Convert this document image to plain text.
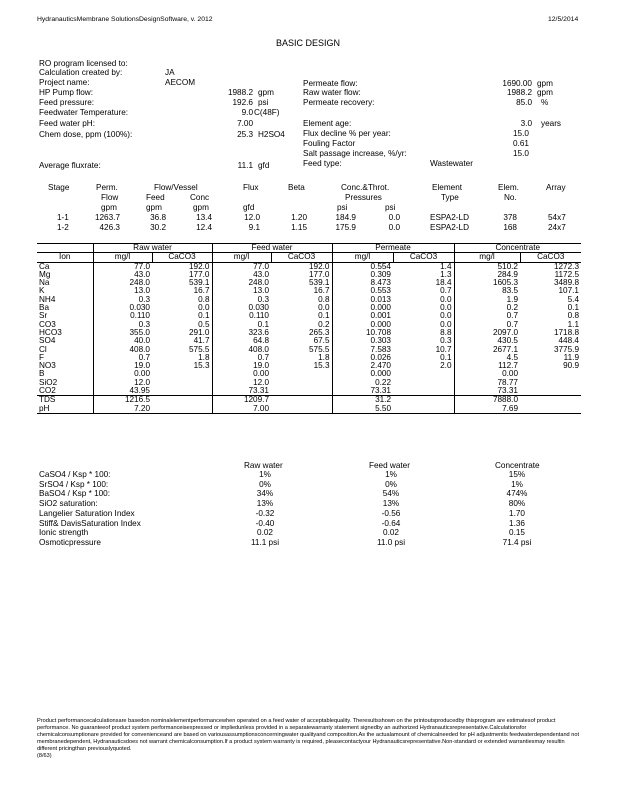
HydranauticsMembrane SolutionsDesignSoftware, v. 2012	12/5/2014
BASIC DESIGN
RO program licensed to:
Calculation created by:	JA
Project name:	AECOM
HP Pump flow:	1988.2 gpm
Feed pressure:	192.6 psi
Feedwater Temperature:	9.0 C(48F)
Feed water pH:	7.00
Chem dose, ppm (100%):	25.3 H2SO4
Average fluxrate:	11.1 gfd
Permeate flow:	1690.00 gpm
Raw water flow:	1988.2 gpm
Permeate recovery:	85.0 %
Element age:	3.0 years
Flux decline % per year:	15.0
Fouling Factor	0.61
Salt passage increase, %/yr:	15.0
Feed type:	Wastewater
Stage	Perm.	Flow/Vessel	Flux	Beta	Conc.&Throt.	Element	Elem.	Array
Flow	Feed	Conc	Pressures	Type	No.
gpm	gpm	gpm	gfd	psi	psi
1-1	1263.7	36.8	13.4	12.0	1.20	184.9	0.0	ESPA2-LD	378	54x7
1-2	426.3	30.2	12.4	9.1	1.15	175.9	0.0	ESPA2-LD	168	24x7
	Raw water		Feed water		Permeate		Concentrate	
Ion	mg/l	CaCO3	mg/l	CaCO3	mg/l	CaCO3	mg/l	CaCO3
Ca	77.0	192.0	77.0	192.0	0.554	1.4	510.2	1272.3
Mg	43.0	177.0	43.0	177.0	0.309	1.3	284.9	1172.5
Na	248.0	539.1	248.0	539.1	8.473	18.4	1605.3	3489.8
K	13.0	16.7	13.0	16.7	0.553	0.7	83.5	107.1
NH4	0.3	0.8	0.3	0.8	0.013	0.0	1.9	5.4
Ba	0.030	0.0	0.030	0.0	0.000	0.0	0.2	0.1
Sr	0.110	0.1	0.110	0.1	0.001	0.0	0.7	0.8
CO3	0.3	0.5	0.1	0.2	0.000	0.0	0.7	1.1
HCO3	355.0	291.0	323.6	265.3	10.708	8.8	2097.0	1718.8
SO4	40.0	41.7	64.8	67.5	0.303	0.3	430.5	448.4
Cl	408.0	575.5	408.0	575.5	7.583	10.7	2677.1	3775.9
F	0.7	1.8	0.7	1.8	0.026	0.1	4.5	11.9
NO3	19.0	15.3	19.0	15.3	2.470	2.0	112.7	90.9
B	0.00		0.00		0.000		0.00	
SiO2	12.0		12.0		0.22		78.77	
CO2	43.95		73.31		73.31		73.31	
TDS	1216.5		1209.7		31.2		7888.0	
pH	7.20		7.00		5.50		7.69	
Raw water	Feed water	Concentrate
CaSO4 / Ksp * 100:	1%	1%	15%
SrSO4 / Ksp * 100:	0%	0%	1%
BaSO4 / Ksp * 100:	34%	54%	474%
SiO2 saturation:	13%	13%	80%
Langelier Saturation Index	-0.32	-0.56	1.70
Stiff& DavisSaturation Index	-0.40	-0.64	1.36
Ionic strength	0.02	0.02	0.15
Osmoticpressure	11.1 psi	11.0 psi	71.4 psi
Product performancecalculationsare basedon nominalelementperformancewhen operated on a feed water of acceptablequality. Theresultsshown on the printoutsproducedby thisprogram are estimatesof product performance. No guaranteeof product system performanceisexpressed or impliedunless provided in a separatewarranty statement signedby an authorized Hydranauticsrepresentative.Calculationsfor chemicalconsumptionare provided for convenienceand are based on variousassumptionsconcerningwater qualityand composition.As the actualamount of chemicalneeded for pH adjustmentis feedwaterdependentand not membranedependent, Hydranauticsdoes not warrant chemicalconsumption.If a product system warranty is required, pleasecontactyour Hydranauticsrepresentative.Non-standard or extended warrantiesmay resultin different pricingthan previouslyquoted.
(8/63)
